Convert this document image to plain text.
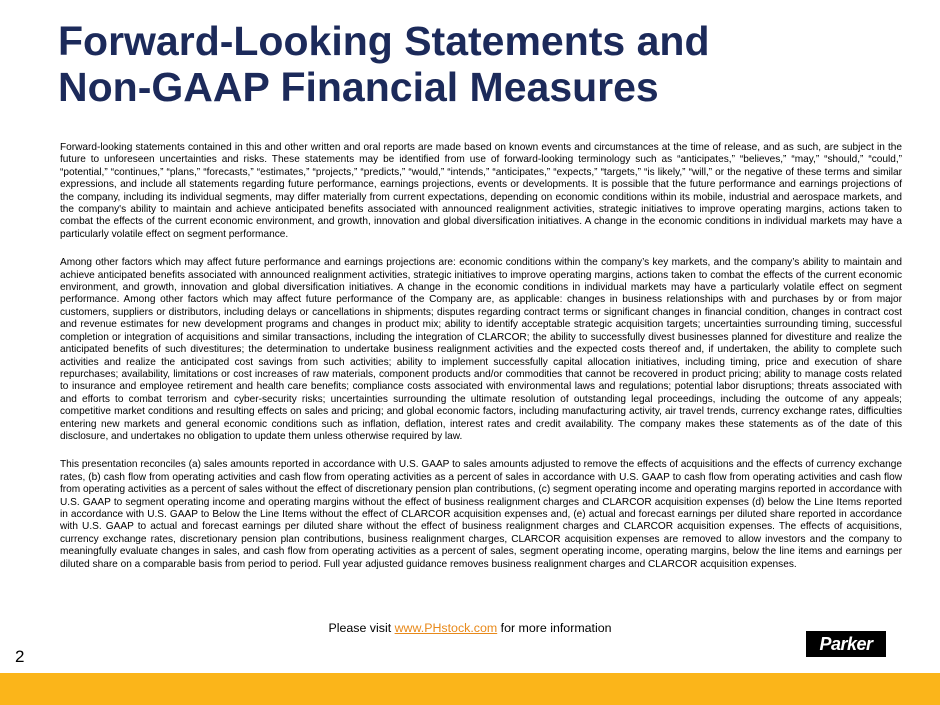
Forward-Looking Statements and
Non-GAAP Financial Measures

Forward-looking statements contained in this and other written and oral reports are made based on known events and circumstances at the time of release, and as such, are subject in the future to unforeseen uncertainties and risks. These statements may be identified from use of forward-looking terminology such as “anticipates,” “believes,” “may,” “should,” “could,” “potential,” “continues,” “plans,” “forecasts,” “estimates,” “projects,” “predicts,” “would,” “intends,” “anticipates,” “expects,” “targets,” “is likely,” “will,” or the negative of these terms and similar expressions, and include all statements regarding future performance, earnings projections, events or developments. It is possible that the future performance and earnings projections of the company, including its individual segments, may differ materially from current expectations, depending on economic conditions within its mobile, industrial and aerospace markets, and the company's ability to maintain and achieve anticipated benefits associated with announced realignment activities, strategic initiatives to improve operating margins, actions taken to combat the effects of the current economic environment, and growth, innovation and global diversification initiatives. A change in the economic conditions in individual markets may have a particularly volatile effect on segment performance.

Among other factors which may affect future performance and earnings projections are: economic conditions within the company’s key markets, and the company’s ability to maintain and achieve anticipated benefits associated with announced realignment activities, strategic initiatives to improve operating margins, actions taken to combat the effects of the current economic environment, and growth, innovation and global diversification initiatives. A change in the economic conditions in individual markets may have a particularly volatile effect on segment performance. Among other factors which may affect future performance of the Company are, as applicable: changes in business relationships with and purchases by or from major customers, suppliers or distributors, including delays or cancellations in shipments; disputes regarding contract terms or significant changes in financial condition, changes in contract cost and revenue estimates for new development programs and changes in product mix; ability to identify acceptable strategic acquisition targets; uncertainties surrounding timing, successful completion or integration of acquisitions and similar transactions, including the integration of CLARCOR; the ability to successfully divest businesses planned for divestiture and realize the anticipated benefits of such divestitures; the determination to undertake business realignment activities and the expected costs thereof and, if undertaken, the ability to complete such activities and realize the anticipated cost savings from such activities; ability to implement successfully capital allocation initiatives, including timing, price and execution of share repurchases; availability, limitations or cost increases of raw materials, component products and/or commodities that cannot be recovered in product pricing; ability to manage costs related to insurance and employee retirement and health care benefits; compliance costs associated with environmental laws and regulations; potential labor disruptions; threats associated with and efforts to combat terrorism and cyber-security risks; uncertainties surrounding the ultimate resolution of outstanding legal proceedings, including the outcome of any appeals; competitive market conditions and resulting effects on sales and pricing; and global economic factors, including manufacturing activity, air travel trends, currency exchange rates, difficulties entering new markets and general economic conditions such as inflation, deflation, interest rates and credit availability. The company makes these statements as of the date of this disclosure, and undertakes no obligation to update them unless otherwise required by law.

This presentation reconciles (a) sales amounts reported in accordance with U.S. GAAP to sales amounts adjusted to remove the effects of acquisitions and the effects of currency exchange rates, (b) cash flow from operating activities and cash flow from operating activities as a percent of sales in accordance with U.S. GAAP to cash flow from operating activities and cash flow from operating activities as a percent of sales without the effect of discretionary pension plan contributions, (c) segment operating income and operating margins reported in accordance with U.S. GAAP to segment operating income and operating margins without the effect of business realignment charges and CLARCOR acquisition expenses (d) below the Line Items reported in accordance with U.S. GAAP to Below the Line Items without the effect of CLARCOR acquisition expenses and, (e) actual and forecast earnings per diluted share reported in accordance with U.S. GAAP to actual and forecast earnings per diluted share without the effect of business realignment charges and CLARCOR acquisition expenses. The effects of acquisitions, currency exchange rates, discretionary pension plan contributions, business realignment charges, CLARCOR acquisition expenses are removed to allow investors and the company to meaningfully evaluate changes in sales, and cash flow from operating activities as a percent of sales, segment operating income, operating margins, below the line items and earnings per diluted share on a comparable basis from period to period. Full year adjusted guidance removes business realignment charges and CLARCOR acquisition expenses.

Please visit www.PHstock.com for more information
2
Parker
